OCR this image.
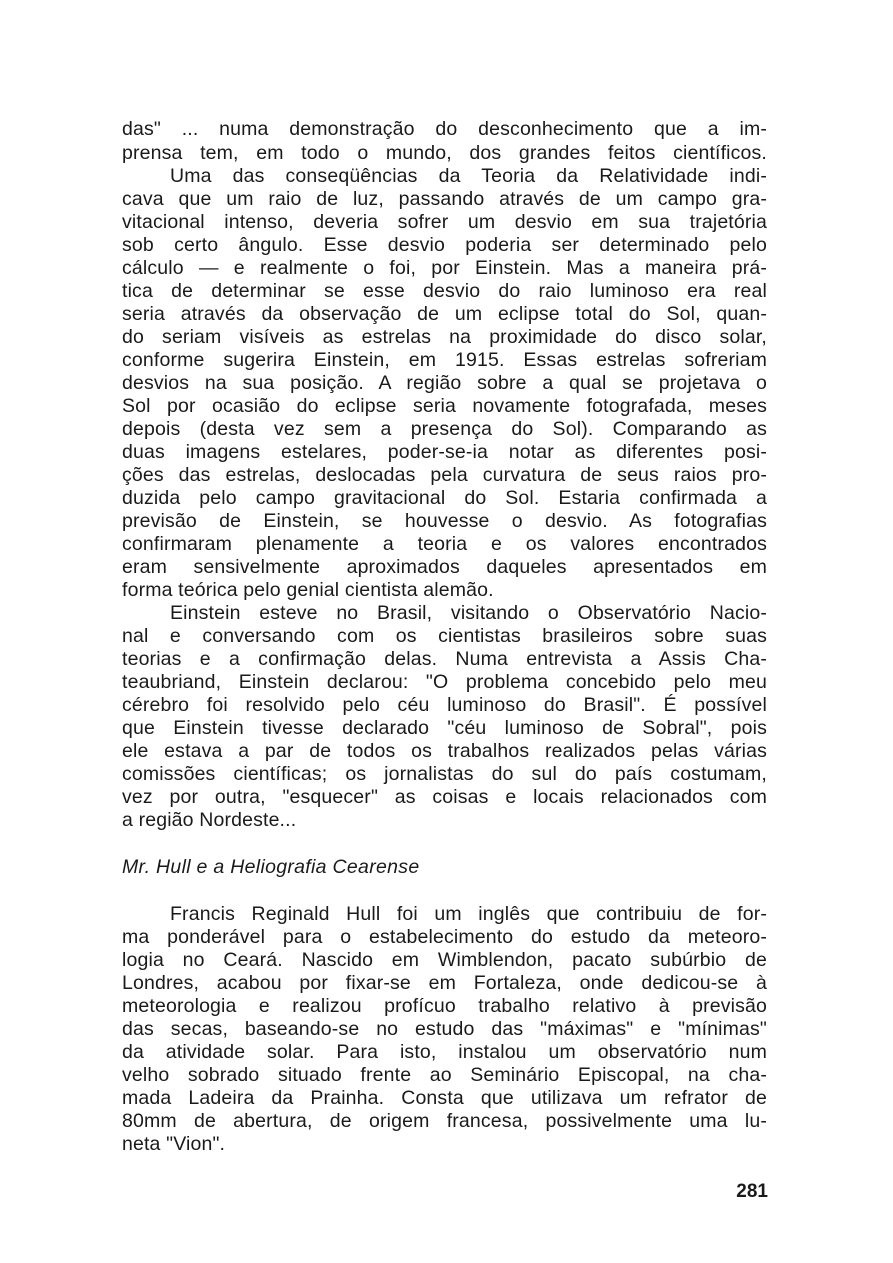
das" ... numa demonstração do desconhecimento que a im-
prensa tem, em todo o mundo, dos grandes feitos científicos.
Uma das conseqüências da Teoria da Relatividade indi-
cava que um raio de luz, passando através de um campo gra-
vitacional intenso, deveria sofrer um desvio em sua trajetória
sob certo ângulo. Esse desvio poderia ser determinado pelo
cálculo — e realmente o foi, por Einstein. Mas a maneira prá-
tica de determinar se esse desvio do raio luminoso era real
seria através da observação de um eclipse total do Sol, quan-
do seriam visíveis as estrelas na proximidade do disco solar,
conforme sugerira Einstein, em 1915. Essas estrelas sofreriam
desvios na sua posição. A região sobre a qual se projetava o
Sol por ocasião do eclipse seria novamente fotografada, meses
depois (desta vez sem a presença do Sol). Comparando as
duas imagens estelares, poder-se-ia notar as diferentes posi-
ções das estrelas, deslocadas pela curvatura de seus raios pro-
duzida pelo campo gravitacional do Sol. Estaria confirmada a
previsão de Einstein, se houvesse o desvio. As fotografias
confirmaram plenamente a teoria e os valores encontrados
eram sensivelmente aproximados daqueles apresentados em
forma teórica pelo genial cientista alemão.
Einstein esteve no Brasil, visitando o Observatório Nacio-
nal e conversando com os cientistas brasileiros sobre suas
teorias e a confirmação delas. Numa entrevista a Assis Cha-
teaubriand, Einstein declarou: "O problema concebido pelo meu
cérebro foi resolvido pelo céu luminoso do Brasil". É possível
que Einstein tivesse declarado "céu luminoso de Sobral", pois
ele estava a par de todos os trabalhos realizados pelas várias
comissões científicas; os jornalistas do sul do país costumam,
vez por outra, "esquecer" as coisas e locais relacionados com
a região Nordeste...
Mr. Hull e a Heliografia Cearense
Francis Reginald Hull foi um inglês que contribuiu de for-
ma ponderável para o estabelecimento do estudo da meteoro-
logia no Ceará. Nascido em Wimblendon, pacato subúrbio de
Londres, acabou por fixar-se em Fortaleza, onde dedicou-se à
meteorologia e realizou profícuo trabalho relativo à previsão
das secas, baseando-se no estudo das "máximas" e "mínimas"
da atividade solar. Para isto, instalou um observatório num
velho sobrado situado frente ao Seminário Episcopal, na cha-
mada Ladeira da Prainha. Consta que utilizava um refrator de
80mm de abertura, de origem francesa, possivelmente uma lu-
neta "Vion".
281
